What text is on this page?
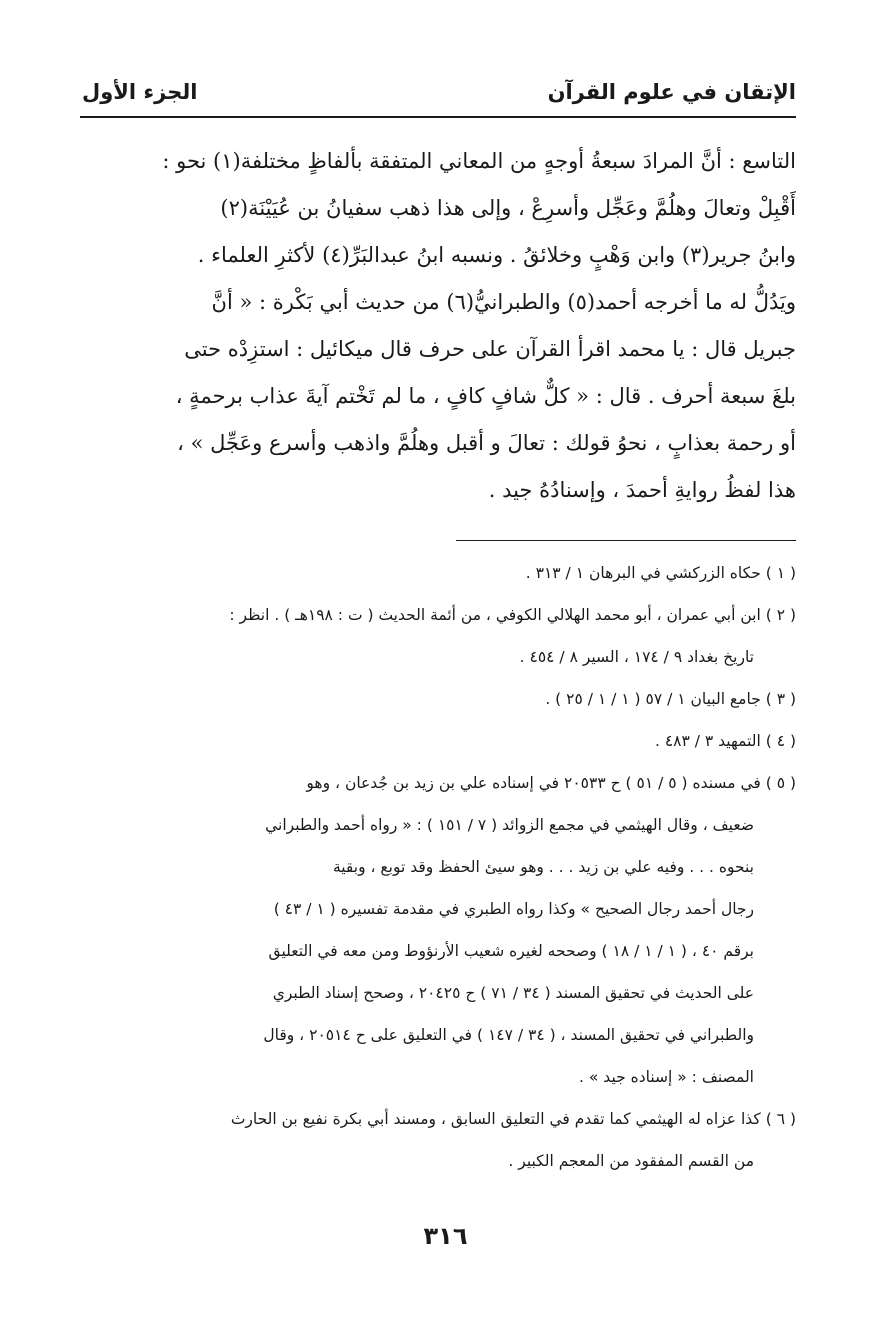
الإتقان في علوم القرآن
الجزء الأول
التاسع : أنَّ المرادَ سبعةُ أوجهٍ من المعاني المتفقة بألفاظٍ مختلفة(١) نحو :
أَقْبِلْ وتعالَ وهلُمَّ وعَجِّل وأسرِعْ ، وإلى هذا ذهب سفيانُ بن عُيَيْنَة(٢)
وابنُ جرير(٣) وابن وَهْبٍ وخلائقُ . ونسبه ابنُ عبدالبَرِّ(٤) لأكثرِ العلماء .
ويَدُلُّ له ما أخرجه أحمد(٥) والطبرانيُّ(٦) من حديث أبي بَكْرة : « أنَّ
جبريل قال : يا محمد اقرأ القرآن على حرف قال ميكائيل : استزِدْه حتى
بلغَ سبعة أحرف . قال : « كلٌّ شافٍ كافٍ ، ما لم تَخْتم آيةَ عذاب برحمةٍ ،
أو رحمة بعذابٍ ، نحوُ قولك : تعالَ و أقبل وهلُمَّ واذهب وأسرع وعَجِّل » ،
هذا لفظُ روايةِ أحمدَ ، وإسنادُهُ جيد .
( ١ ) حكاه الزركشي في البرهان ١ / ٣١٣ .
( ٢ ) ابن أبي عمران ، أبو محمد الهلالي الكوفي ، من أئمة الحديث ( ت : ١٩٨هـ ) . انظر :
تاريخ بغداد ٩ / ١٧٤ ، السير ٨ / ٤٥٤ .
( ٣ ) جامع البيان ١ / ٥٧ ( ١ / ١ / ٢٥ ) .
( ٤ ) التمهيد ٣ / ٤٨٣ .
( ٥ ) في مسنده ( ٥ / ٥١ ) ح ٢٠٥٣٣ في إسناده علي بن زيد بن جُدعان ، وهو
ضعيف ، وقال الهيثمي في مجمع الزوائد ( ٧ / ١٥١ ) : « رواه أحمد والطبراني
بنحوه . . . وفيه علي بن زيد . . . وهو سيئ الحفظ وقد توبع ، وبقية
رجال أحمد رجال الصحيح » وكذا رواه الطبري في مقدمة تفسيره ( ١ / ٤٣ )
برقم ٤٠ ، ( ١ / ١ / ١٨ ) وصححه لغيره شعيب الأرنؤوط ومن معه في التعليق
على الحديث في تحقيق المسند ( ٣٤ / ٧١ ) ح ٢٠٤٢٥ ، وصحح إسناد الطبري
والطبراني في تحقيق المسند ، ( ٣٤ / ١٤٧ ) في التعليق على ح ٢٠٥١٤ ، وقال
المصنف : « إسناده جيد » .
( ٦ ) كذا عزاه له الهيثمي كما تقدم في التعليق السابق ، ومسند أبي بكرة نفيع بن الحارث
من القسم المفقود من المعجم الكبير .
٣١٦
